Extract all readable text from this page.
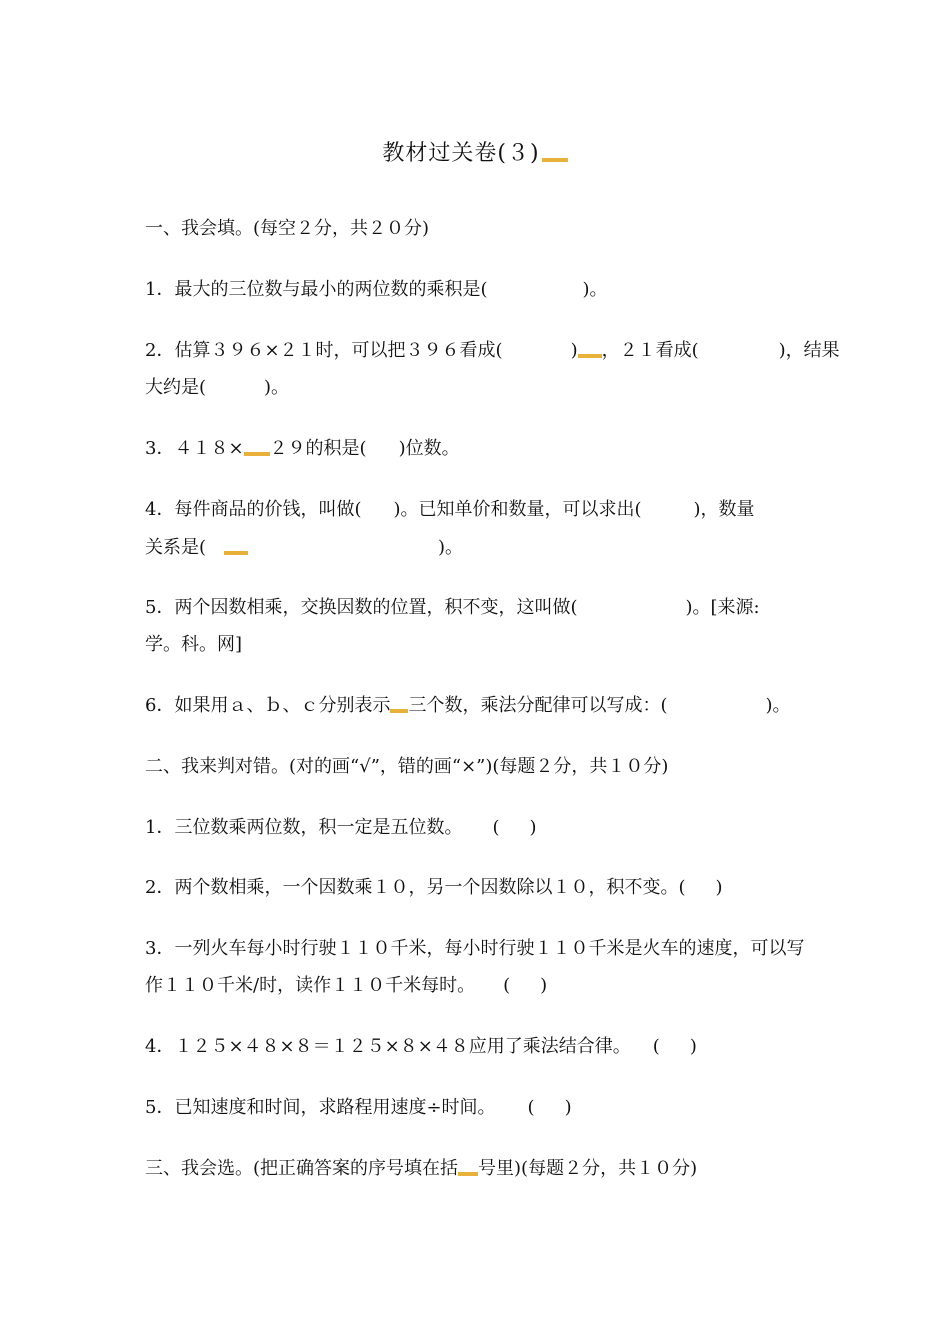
教材过关卷(３)
一、我会填。(每空２分，共２０分)
1．最大的三位数与最小的两位数的乘积是(	)。
2．估算３９６×２１时，可以把３９６看成(	) ，２１看成(	)，结果
大约是(	)。
3．４１８× ２９的积是( )位数。
4．每件商品的价钱，叫做( )。已知单价和数量，可以求出(	)，数量
关系是(	)。
5．两个因数相乘，交换因数的位置，积不变，这叫做(	)。[来源:
学。科。网]
6．如果用ａ、ｂ、ｃ分别表示 三个数，乘法分配律可以写成：(	)。
二、我来判对错。(对的画“√”，错的画“×”)(每题２分，共１０分)
1．三位数乘两位数，积一定是五位数。 ( )
2．两个数相乘，一个因数乘１０，另一个因数除以１０，积不变。( )
3．一列火车每小时行驶１１０千米，每小时行驶１１０千米是火车的速度，可以写
作１１０千米/时，读作１１０千米每时。 ( )
4．１２５×４８×８＝１２５×８×４８应用了乘法结合律。 ( )
5．已知速度和时间，求路程用速度÷时间。 ( )
三、我会选。(把正确答案的序号填在括 号里)(每题２分，共１０分)
